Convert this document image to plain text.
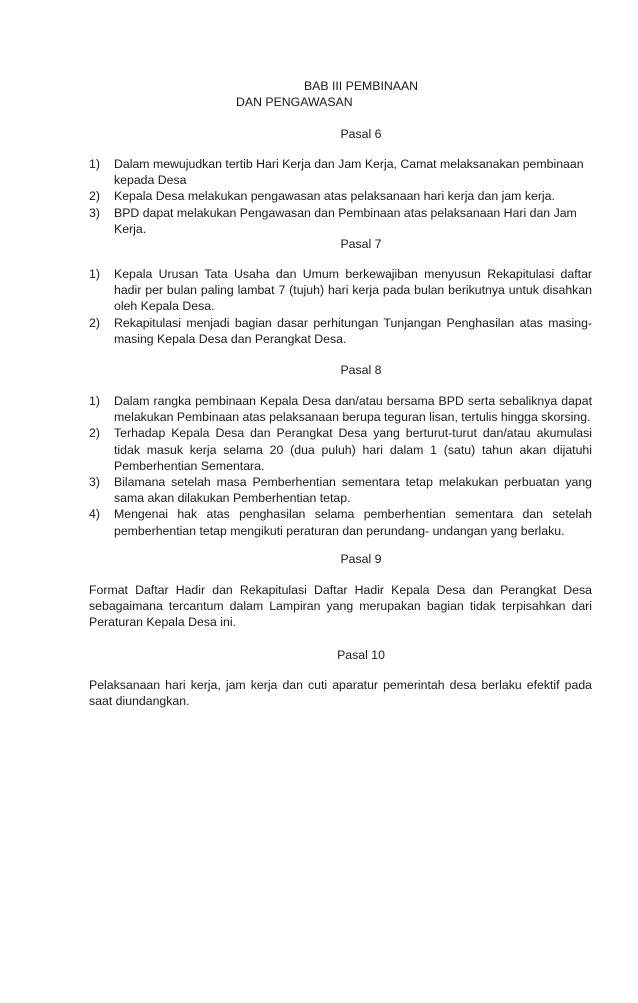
BAB III PEMBINAAN
DAN PENGAWASAN
Pasal 6
1) Dalam mewujudkan tertib Hari Kerja dan Jam Kerja, Camat melaksanakan pembinaan kepada Desa
2) Kepala Desa melakukan pengawasan atas pelaksanaan hari kerja dan jam kerja.
3) BPD dapat melakukan Pengawasan dan Pembinaan atas pelaksanaan Hari dan Jam Kerja.
Pasal 7
1) Kepala Urusan Tata Usaha dan Umum berkewajiban menyusun Rekapitulasi daftar hadir per bulan paling lambat 7 (tujuh) hari kerja pada bulan berikutnya untuk disahkan oleh Kepala Desa.
2) Rekapitulasi menjadi bagian dasar perhitungan Tunjangan Penghasilan atas masing-masing Kepala Desa dan Perangkat Desa.
Pasal 8
1) Dalam rangka pembinaan Kepala Desa dan/atau bersama BPD serta sebaliknya dapat melakukan Pembinaan atas pelaksanaan berupa teguran lisan, tertulis hingga skorsing.
2) Terhadap Kepala Desa dan Perangkat Desa yang berturut-turut dan/atau akumulasi tidak masuk kerja selama 20 (dua puluh) hari dalam 1 (satu) tahun akan dijatuhi Pemberhentian Sementara.
3) Bilamana setelah masa Pemberhentian sementara tetap melakukan perbuatan yang sama akan dilakukan Pemberhentian tetap.
4) Mengenai hak atas penghasilan selama pemberhentian sementara dan setelah pemberhentian tetap mengikuti peraturan dan perundang- undangan yang berlaku.
Pasal 9

Format Daftar Hadir dan Rekapitulasi Daftar Hadir Kepala Desa dan Perangkat Desa sebagaimana tercantum dalam Lampiran yang merupakan bagian tidak terpisahkan dari Peraturan Kepala Desa ini.

Pasal 10

Pelaksanaan hari kerja, jam kerja dan cuti aparatur pemerintah desa berlaku efektif pada saat diundangkan.
